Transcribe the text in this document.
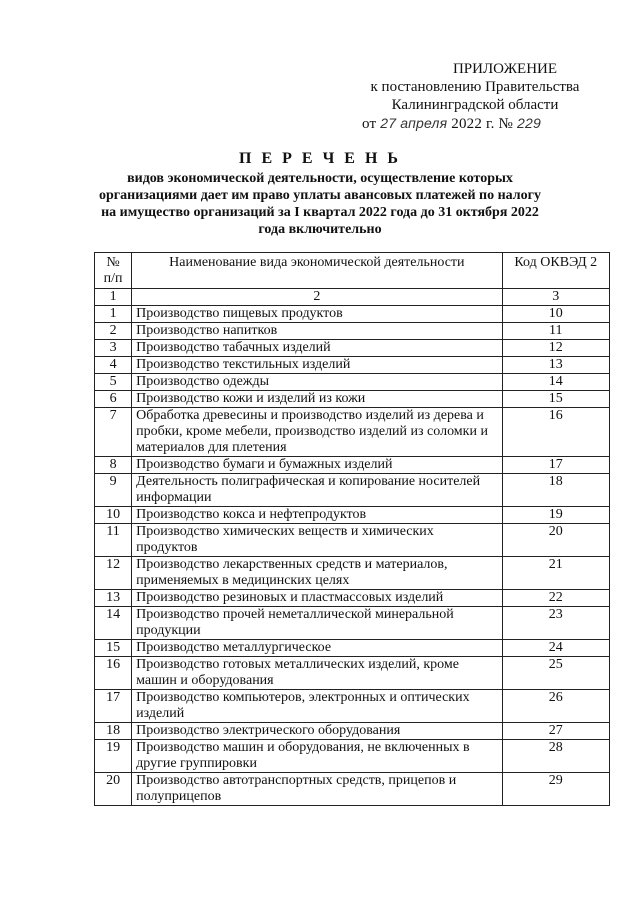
ПРИЛОЖЕНИЕ
к постановлению Правительства
Калининградской области
от 27 апреля 2022 г. № 229
П Е Р Е Ч Е Н Ь
видов экономической деятельности, осуществление которых организациями дает им право уплаты авансовых платежей по налогу на имущество организаций за I квартал 2022 года до 31 октября 2022 года включительно
№ п/п	Наименование вида экономической деятельности	Код ОКВЭД 2
1	2	3
1	Производство пищевых продуктов	10
2	Производство напитков	11
3	Производство табачных изделий	12
4	Производство текстильных изделий	13
5	Производство одежды	14
6	Производство кожи и изделий из кожи	15
7	Обработка древесины и производство изделий из дерева и пробки, кроме мебели, производство изделий из соломки и материалов для плетения	16
8	Производство бумаги и бумажных изделий	17
9	Деятельность полиграфическая и копирование носителей информации	18
10	Производство кокса и нефтепродуктов	19
11	Производство химических веществ и химических продуктов	20
12	Производство лекарственных средств и материалов, применяемых в медицинских целях	21
13	Производство резиновых и пластмассовых изделий	22
14	Производство прочей неметаллической минеральной продукции	23
15	Производство металлургическое	24
16	Производство готовых металлических изделий, кроме машин и оборудования	25
17	Производство компьютеров, электронных и оптических изделий	26
18	Производство электрического оборудования	27
19	Производство машин и оборудования, не включенных в другие группировки	28
20	Производство автотранспортных средств, прицепов и полуприцепов	29
